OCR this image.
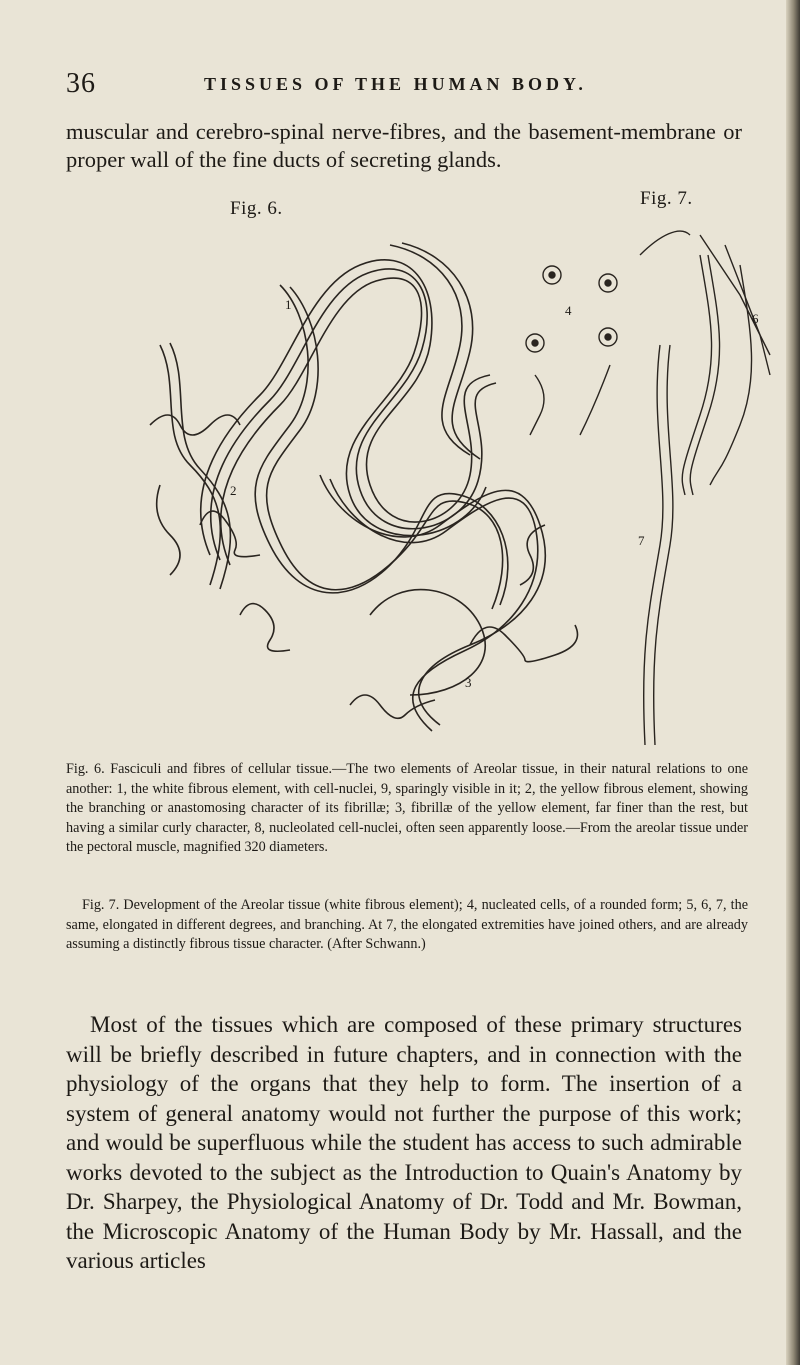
36	TISSUES OF THE HUMAN BODY.

muscular and cerebro-spinal nerve-fibres, and the basement-membrane or proper wall of the fine ducts of secreting glands.

Fig. 6.	Fig. 7.
1
2
3
4
6
7

Fig. 6. Fasciculi and fibres of cellular tissue.—The two elements of Areolar tissue, in their natural relations to one another: 1, the white fibrous element, with cell-nuclei, 9, sparingly visible in it; 2, the yellow fibrous element, showing the branching or anastomosing character of its fibrillæ; 3, fibrillæ of the yellow element, far finer than the rest, but having a similar curly character, 8, nucleolated cell-nuclei, often seen apparently loose.—From the areolar tissue under the pectoral muscle, magnified 320 diameters.

Fig. 7. Development of the Areolar tissue (white fibrous element); 4, nucleated cells, of a rounded form; 5, 6, 7, the same, elongated in different degrees, and branching. At 7, the elongated extremities have joined others, and are already assuming a distinctly fibrous tissue character. (After Schwann.)

Most of the tissues which are composed of these primary structures will be briefly described in future chapters, and in connection with the physiology of the organs that they help to form. The insertion of a system of general anatomy would not further the purpose of this work; and would be superfluous while the student has access to such admirable works devoted to the subject as the Introduction to Quain's Anatomy by Dr. Sharpey, the Physiological Anatomy of Dr. Todd and Mr. Bowman, the Microscopic Anatomy of the Human Body by Mr. Hassall, and the various articles
